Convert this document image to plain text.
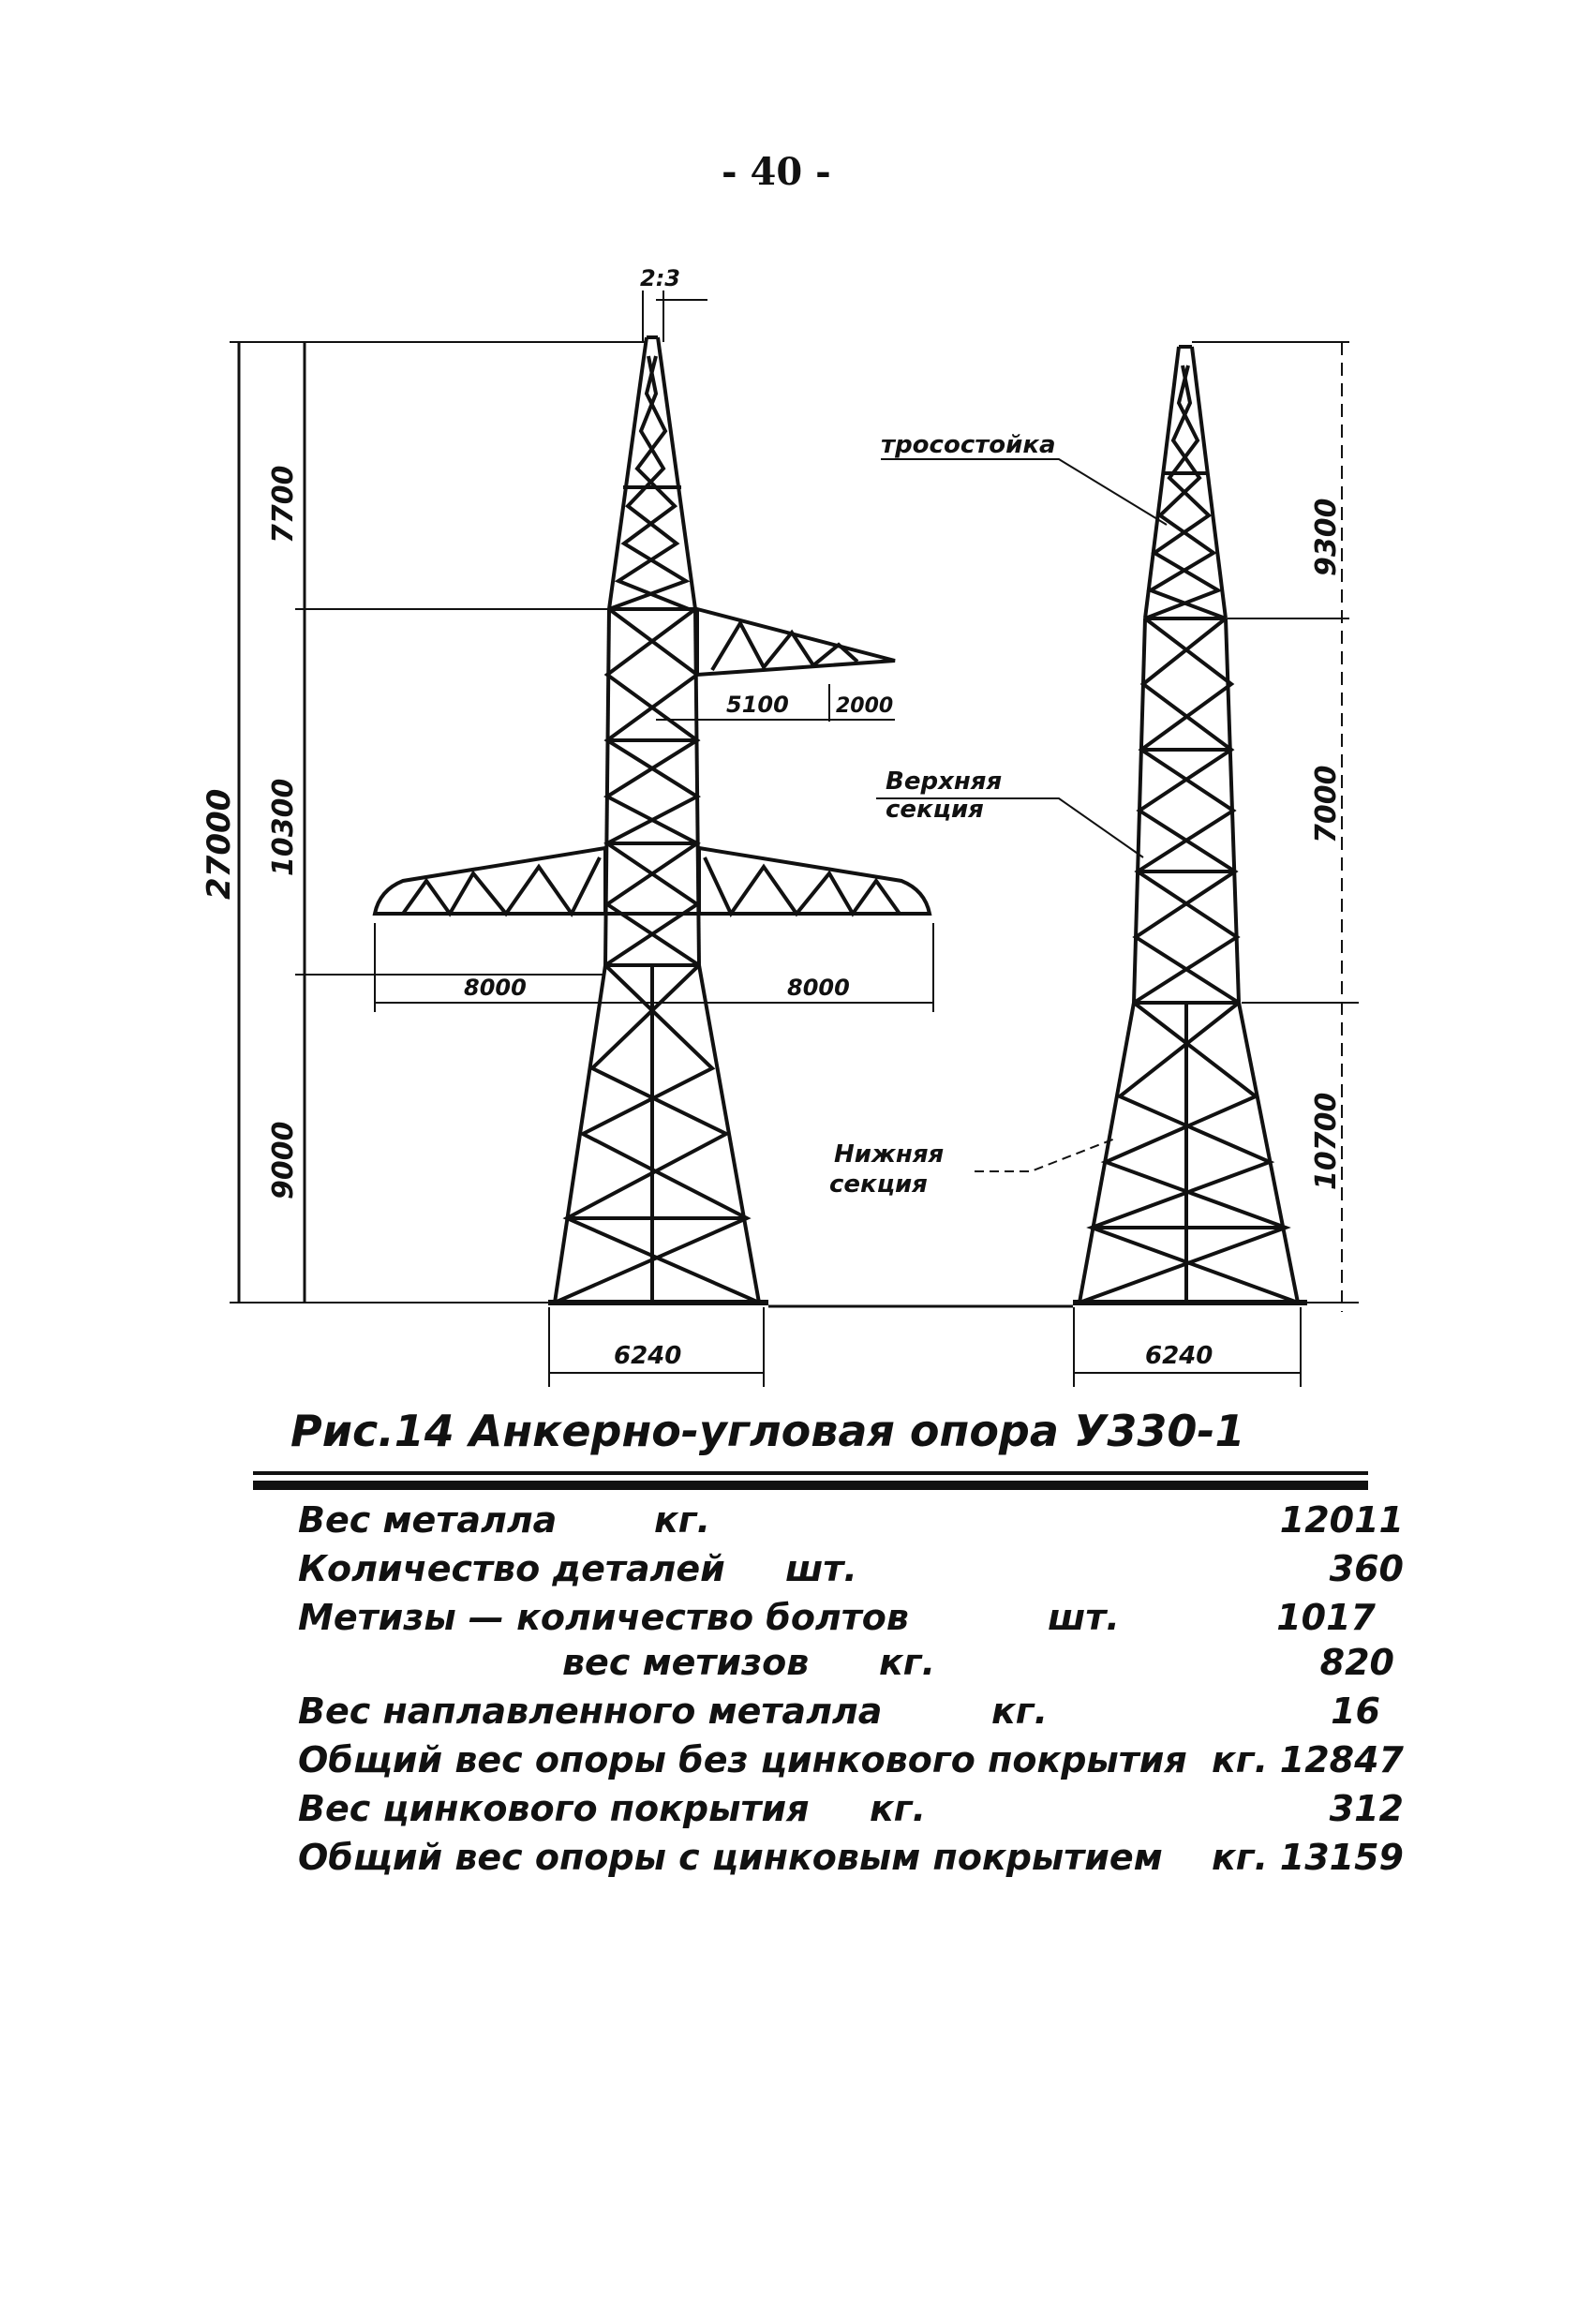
- 40 -
2:3
27000
7700
10300
9000
5100 2000
8000	8000
6240
9300
7000
10700
6240
тросостойка
Верхняя
секция
Нижняя
секция
Рис.14 Анкерно-угловая опора У330-1
Вес металла	кг.	12011
Количество деталей шт.	360
Метизы — количество болтов	шт.	1017
вес метизов кг.	820
Вес наплавленного металла	кг.	16
Общий вес опоры без цинкового покрытия кг. 12847
Вес цинкового покрытия кг.	312
Общий вес опоры с цинковым покрытием кг. 13159
